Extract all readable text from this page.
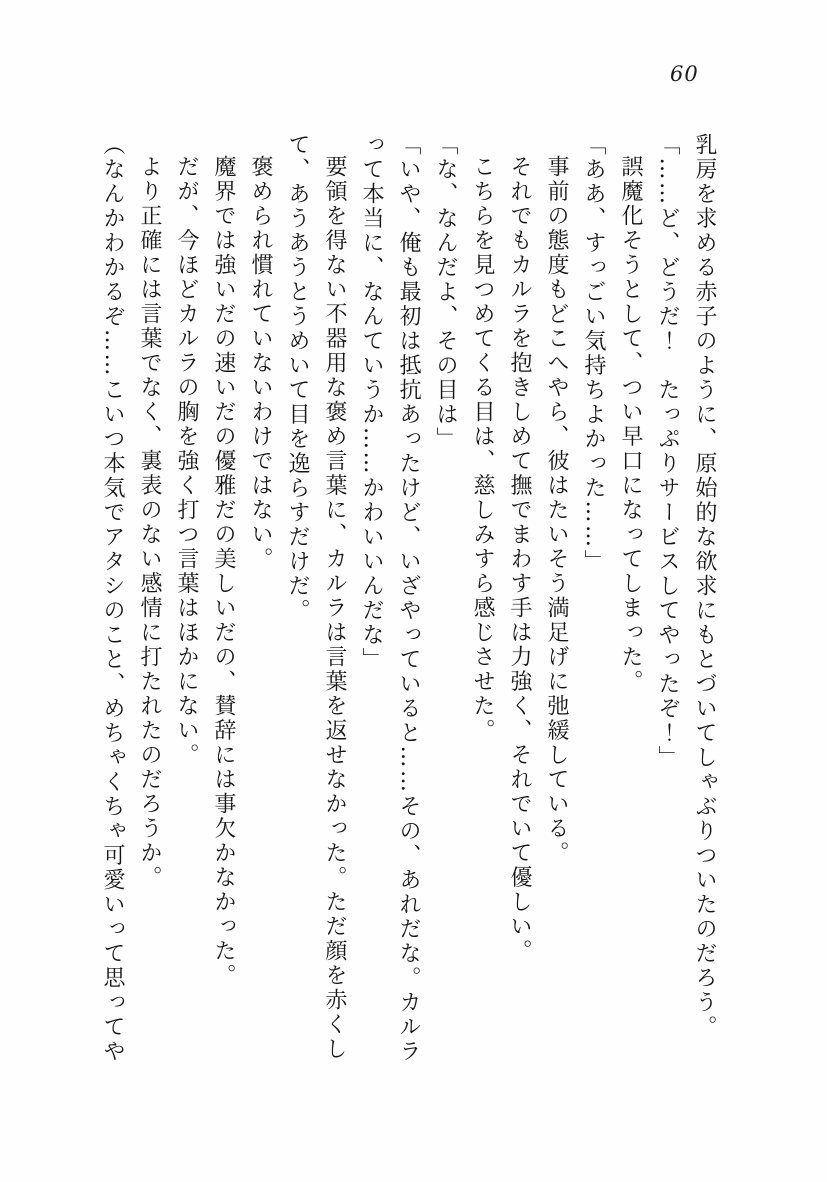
60

乳房を求める赤子のように、原始的な欲求にもとづいてしゃぶりついたのだろう。

「……ど、どうだ！　たっぷりサービスしてやったぞ！」

誤魔化そうとして、つい早口になってしまった。

「ああ、すっごい気持ちよかった……」

事前の態度もどこへやら、彼はたいそう満足げに弛緩している。

それでもカルラを抱きしめて撫でまわす手は力強く、それでいて優しい。

こちらを見つめてくる目は、慈しみすら感じさせた。

「な、なんだよ、その目は」

「いや、俺も最初は抵抗あったけど、いざやっていると……その、あれだな。カルラ

って本当に、なんていうか……かわいいんだな」

要領を得ない不器用な褒め言葉に、カルラは言葉を返せなかった。ただ顔を赤くし

て、あうあうとうめいて目を逸らすだけだ。

褒められ慣れていないわけではない。

魔界では強いだの速いだの優雅だの美しいだの、賛辞には事欠かなかった。

だが、今ほどカルラの胸を強く打つ言葉はほかにない。

より正確には言葉でなく、裏表のない感情に打たれたのだろうか。

（なんかわかるぞ……こいつ本気でアタシのこと、めちゃくちゃ可愛いって思ってや
